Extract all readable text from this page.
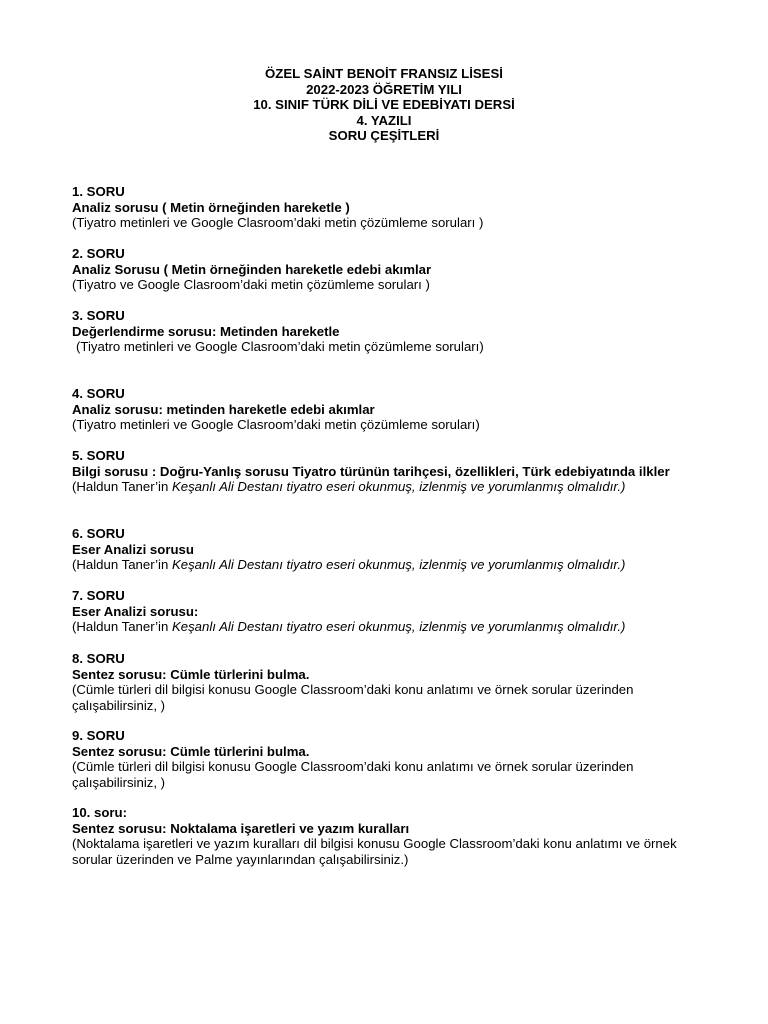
ÖZEL SAİNT BENOİT FRANSIZ LİSESİ
2022-2023 ÖĞRETİM YILI
10. SINIF TÜRK DİLİ VE EDEBİYATI DERSİ
4. YAZILI
SORU ÇEŞİTLERİ
1. SORU
Analiz sorusu ( Metin örneğinden hareketle )
(Tiyatro metinleri ve Google Clasroom’daki metin çözümleme soruları )
2. SORU
Analiz Sorusu ( Metin örneğinden hareketle edebi akımlar
(Tiyatro ve Google Clasroom’daki metin çözümleme soruları )
3. SORU
Değerlendirme sorusu: Metinden hareketle
(Tiyatro metinleri ve Google Clasroom’daki metin çözümleme soruları)
4. SORU
Analiz sorusu: metinden hareketle edebi akımlar
(Tiyatro metinleri ve Google Clasroom’daki metin çözümleme soruları)
5. SORU
Bilgi sorusu : Doğru-Yanlış sorusu Tiyatro türünün tarihçesi, özellikleri, Türk edebiyatında ilkler
(Haldun Taner’in Keşanlı Ali Destanı tiyatro eseri okunmuş, izlenmiş ve yorumlanmış olmalıdır.)
6. SORU
Eser Analizi sorusu
(Haldun Taner’in Keşanlı Ali Destanı tiyatro eseri okunmuş, izlenmiş ve yorumlanmış olmalıdır.)
7. SORU
Eser Analizi sorusu:
(Haldun Taner’in Keşanlı Ali Destanı tiyatro eseri okunmuş, izlenmiş ve yorumlanmış olmalıdır.)
8. SORU
Sentez sorusu: Cümle türlerini bulma.
(Cümle türleri dil bilgisi konusu Google Classroom’daki konu anlatımı ve örnek sorular üzerinden çalışabilirsiniz, )
9. SORU
Sentez sorusu: Cümle türlerini bulma.
(Cümle türleri dil bilgisi konusu Google Classroom’daki konu anlatımı ve örnek sorular üzerinden çalışabilirsiniz, )
10. soru:
Sentez sorusu: Noktalama işaretleri ve yazım kuralları
(Noktalama işaretleri ve yazım kuralları dil bilgisi konusu Google Classroom’daki konu anlatımı ve örnek sorular üzerinden ve Palme yayınlarından çalışabilirsiniz.)
